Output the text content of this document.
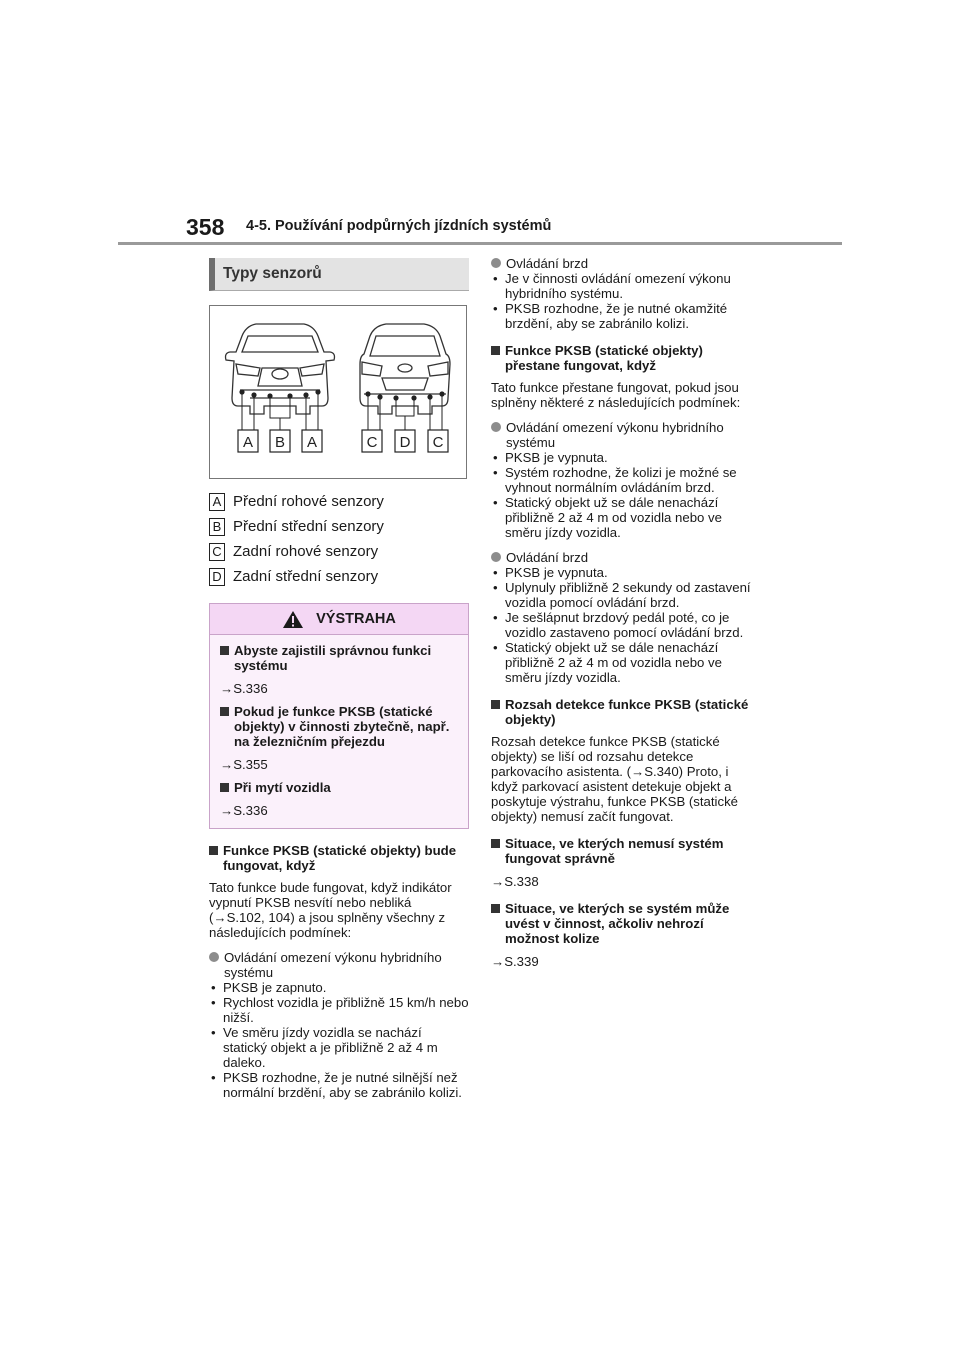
358 4-5. Používání podpůrných jízdních systémů
Typy senzorů
A B A	C D C
A Přední rohové senzory
B Přední střední senzory
C Zadní rohové senzory
D Zadní střední senzory
VÝSTRAHA
Abyste zajistili správnou funkci systému
→S.336
Pokud je funkce PKSB (statické objekty) v činnosti zbytečně, např. na železničním přejezdu
→S.355
Při mytí vozidla
→S.336
Funkce PKSB (statické objekty) bude fungovat, když
Tato funkce bude fungovat, když indikátor vypnutí PKSB nesvítí nebo nebliká (→S.102, 104) a jsou splněny všechny z následujících podmínek:
Ovládání omezení výkonu hybridního systému
• PKSB je zapnuto.
• Rychlost vozidla je přibližně 15 km/h nebo nižší.
• Ve směru jízdy vozidla se nachází statický objekt a je přibližně 2 až 4 m daleko.
• PKSB rozhodne, že je nutné silnější než normální brzdění, aby se zabránilo kolizi.
Ovládání brzd
• Je v činnosti ovládání omezení výkonu hybridního systému.
• PKSB rozhodne, že je nutné okamžité brzdění, aby se zabránilo kolizi.
Funkce PKSB (statické objekty) přestane fungovat, když
Tato funkce přestane fungovat, pokud jsou splněny některé z následujících podmínek:
Ovládání omezení výkonu hybridního systému
• PKSB je vypnuta.
• Systém rozhodne, že kolizi je možné se vyhnout normálním ovládáním brzd.
• Statický objekt už se dále nenachází přibližně 2 až 4 m od vozidla nebo ve směru jízdy vozidla.
Ovládání brzd
• PKSB je vypnuta.
• Uplynuly přibližně 2 sekundy od zastavení vozidla pomocí ovládání brzd.
• Je sešlápnut brzdový pedál poté, co je vozidlo zastaveno pomocí ovládání brzd.
• Statický objekt už se dále nenachází přibližně 2 až 4 m od vozidla nebo ve směru jízdy vozidla.
Rozsah detekce funkce PKSB (statické objekty)
Rozsah detekce funkce PKSB (statické objekty) se liší od rozsahu detekce parkovacího asistenta. (→S.340) Proto, i když parkovací asistent detekuje objekt a poskytuje výstrahu, funkce PKSB (statické objekty) nemusí začít fungovat.
Situace, ve kterých nemusí systém fungovat správně
→S.338
Situace, ve kterých se systém může uvést v činnost, ačkoliv nehrozí možnost kolize
→S.339
